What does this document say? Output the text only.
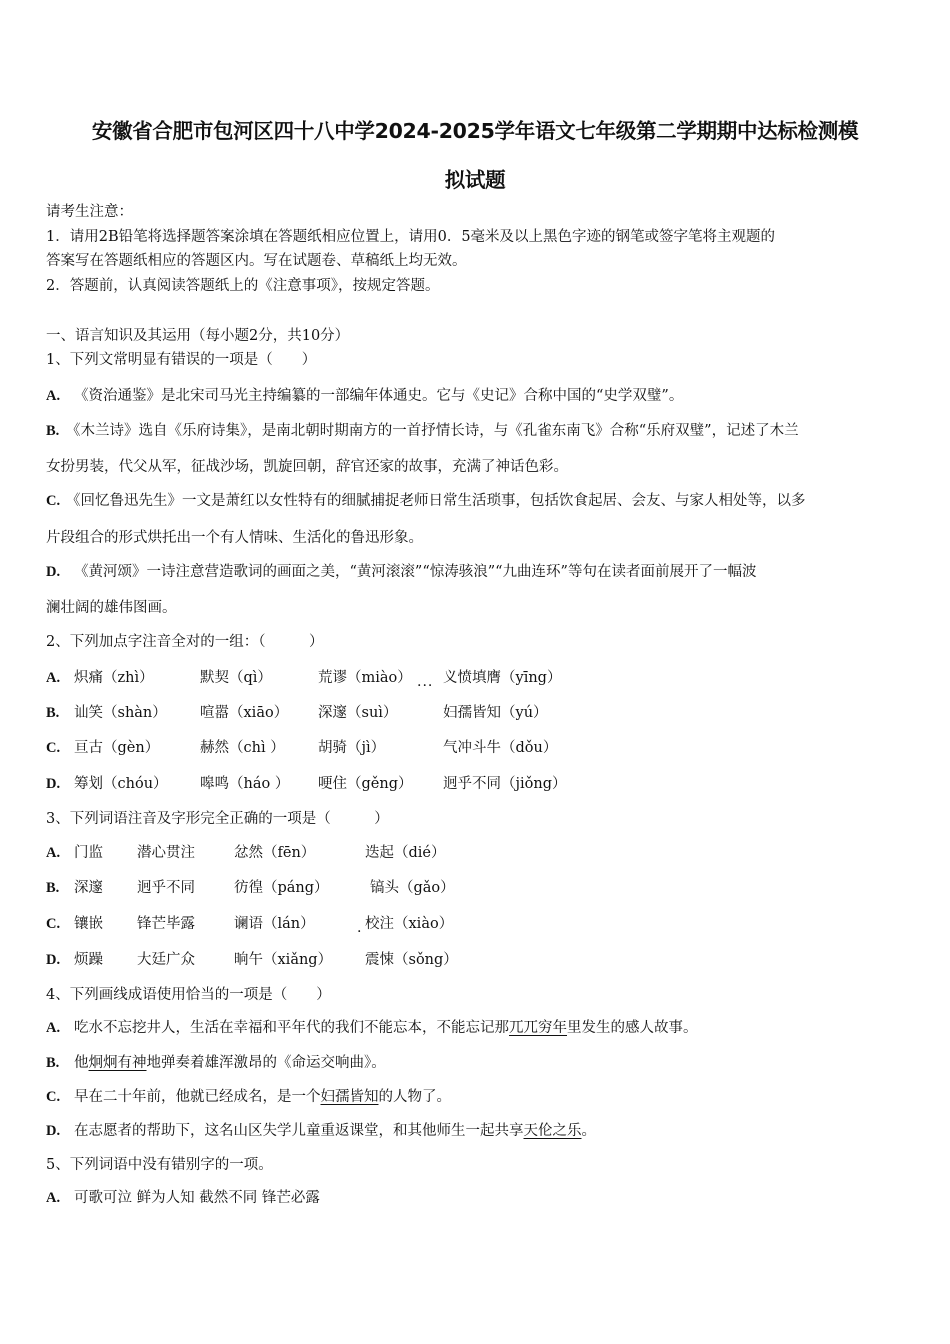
安徽省合肥市包河区四十八中学2024-2025学年语文七年级第二学期期中达标检测模
拟试题
请考生注意：
1．请用2B铅笔将选择题答案涂填在答题纸相应位置上，请用0．5毫米及以上黑色字迹的钢笔或签字笔将主观题的
答案写在答题纸相应的答题区内。写在试题卷、草稿纸上均无效。
2．答题前，认真阅读答题纸上的《注意事项》，按规定答题。
一、语言知识及其运用（每小题2分，共10分）
1、下列文常明显有错误的一项是（　　）
A. 《资治通鉴》是北宋司马光主持编纂的一部编年体通史。它与《史记》合称中国的“史学双璧”。
B. 《木兰诗》选自《乐府诗集》，是南北朝时期南方的一首抒情长诗，与《孔雀东南飞》合称“乐府双璧”，记述了木兰
女扮男装，代父从军，征战沙场，凯旋回朝，辞官还家的故事，充满了神话色彩。
C. 《回忆鲁迅先生》一文是萧红以女性特有的细腻捕捉老师日常生活琐事，包括饮食起居、会友、与家人相处等，以多
片段组合的形式烘托出一个有人情味、生活化的鲁迅形象。
D. 《黄河颂》一诗注意营造歌词的画面之美，“黄河滚滚”“惊涛骇浪”“九曲连环”等句在读者面前展开了一幅波
澜壮阔的雄伟图画。
2、下列加点字注音全对的一组：（　　　）
A. 炽痛（zhì）	默契（qì）	荒谬（miào） ... 义愤填膺（yīng）
B.	讪笑（shàn） 喧嚣（xiāo） 深邃（suì）	妇孺皆知（yú）
C. 亘古（gèn）	赫然（chì ） 胡骑（jì）	气冲斗牛（dǒu）
D. 筹划（chóu） 嗥鸣（háo ） 哽住（gěng） 迥乎不同（jiǒng）
3、下列词语注音及字形完全正确的一项是（　　　）
A. 门监 潜心贯注	忿然（fēn）	迭起（dié）
B.	深邃 迥乎不同	彷徨（páng）	镐头（gǎo）
C. 镶嵌 锋芒毕露	谰语（lán）	. 校注（xiào）
D. 烦躁 大廷广众	晌午（xiǎng） 震悚（sǒng）
4、下列画线成语使用恰当的一项是（　　）
A. 吃水不忘挖井人，生活在幸福和平年代的我们不能忘本，不能忘记那兀兀穷年里发生的感人故事。
B. 他炯炯有神地弹奏着雄浑激昂的《命运交响曲》。
C. 早在二十年前，他就已经成名，是一个妇孺皆知的人物了。
D. 在志愿者的帮助下，这名山区失学儿童重返课堂，和其他师生一起共享天伦之乐。
5、下列词语中没有错别字的一项。
A. 可歌可泣 鲜为人知 截然不同 锋芒必露
